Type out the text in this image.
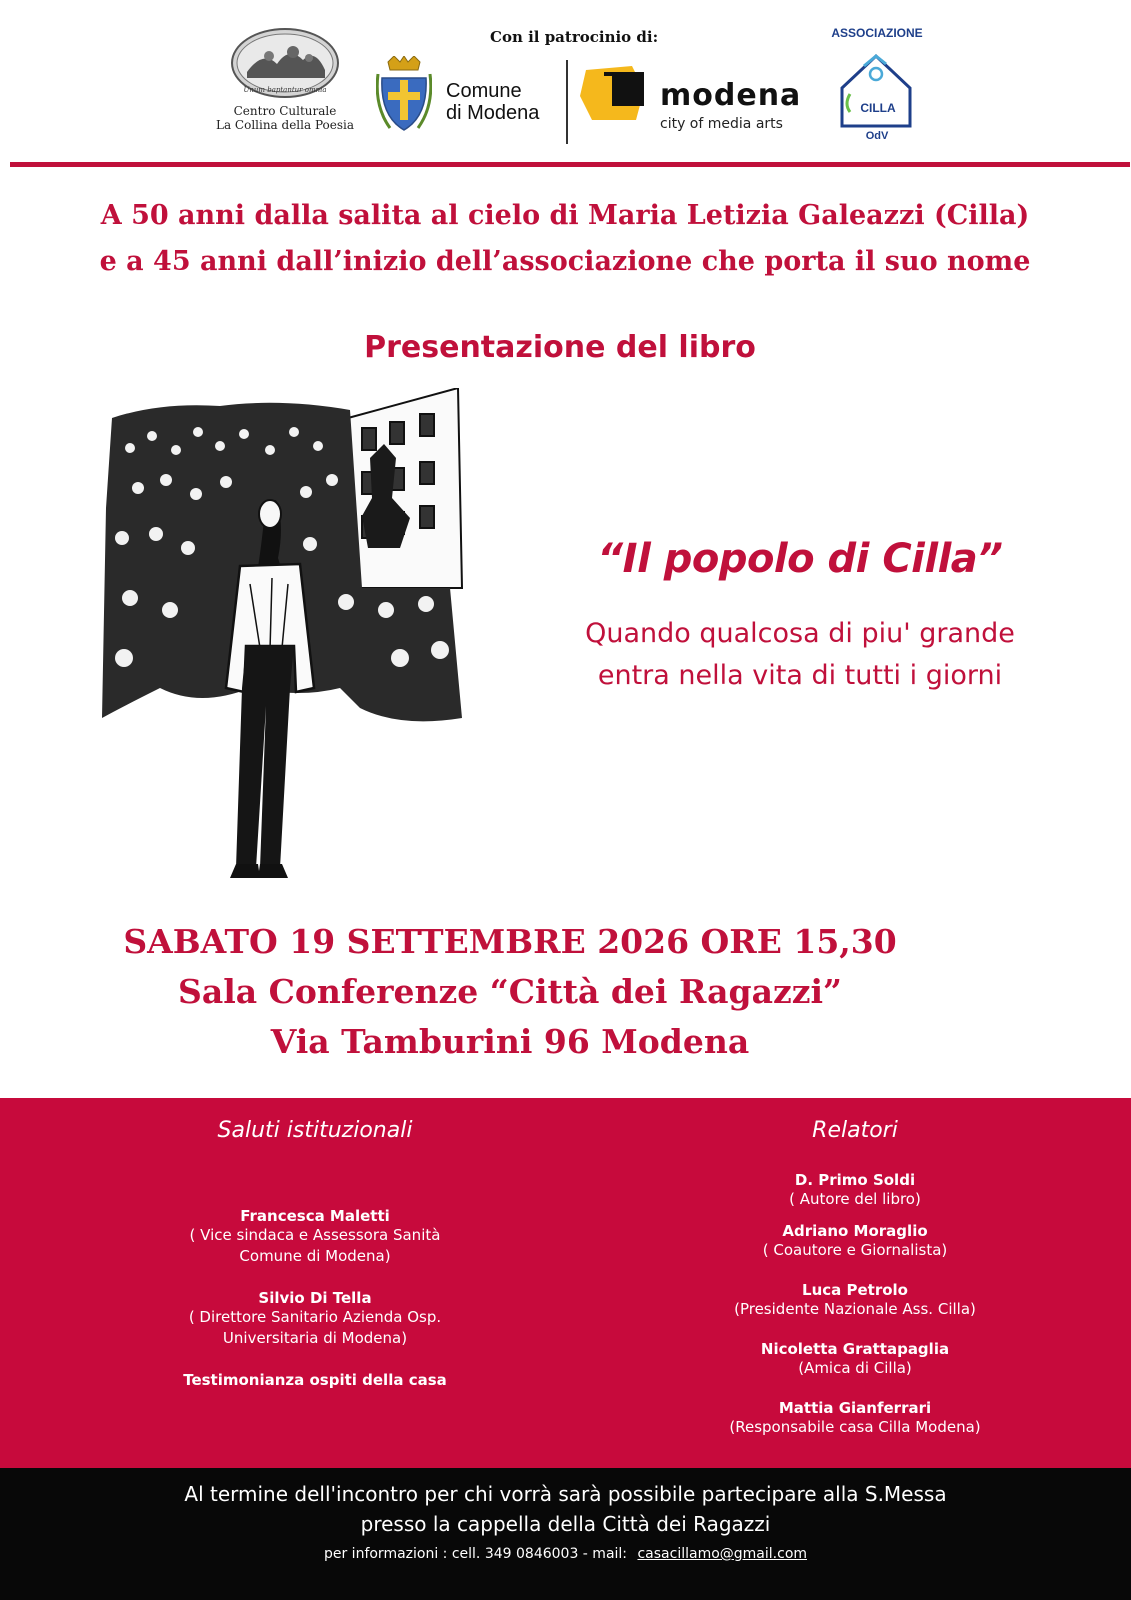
Unum baptantur omnia
Centro Culturale
La Collina della Poesia
Con il patrocinio di:
Comune
di Modena	modena
city of media arts
ASSOCIAZIONE
CILLA
OdV
A 50 anni dalla salita al cielo di Maria Letizia Galeazzi (Cilla)
e a 45 anni dall’inizio dell’associazione che porta il suo nome
Presentazione del libro
“Il popolo di Cilla”
Quando qualcosa di piu' grande
entra nella vita di tutti i giorni
SABATO 19 SETTEMBRE 2026 ORE 15,30
Sala Conferenze “Città dei Ragazzi”
Via Tamburini 96 Modena
Saluti istituzionali
Francesca Maletti
( Vice sindaca e Assessora Sanità
Comune di Modena)
Silvio Di Tella
( Direttore Sanitario Azienda Osp.
Universitaria di Modena)
Testimonianza ospiti della casa
Relatori
D. Primo Soldi
( Autore del libro)
Adriano Moraglio
( Coautore e Giornalista)
Luca Petrolo
(Presidente Nazionale Ass. Cilla)
Nicoletta Grattapaglia
(Amica di Cilla)
Mattia Gianferrari
(Responsabile casa Cilla Modena)
Al termine dell'incontro per chi vorrà sarà possibile partecipare alla S.Messa
presso la cappella della Città dei Ragazzi
per informazioni : cell. 349 0846003 - mail: casacillamo@gmail.com
